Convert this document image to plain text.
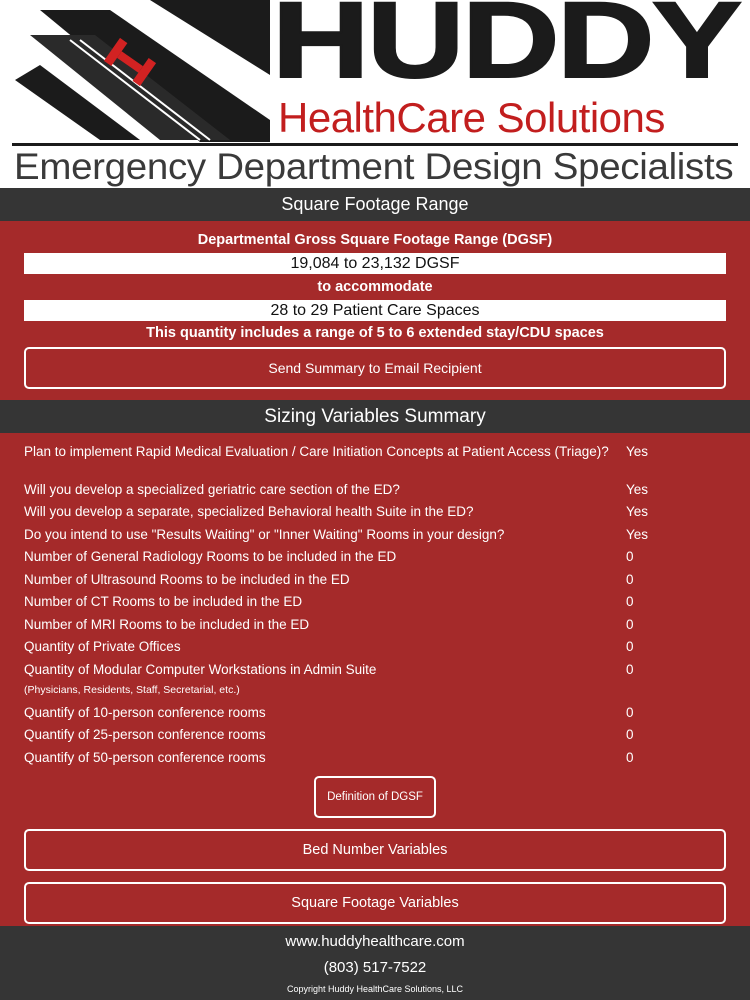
HUDDY
HealthCare Solutions
Emergency Department Design Specialists
Square Footage Range
Departmental Gross Square Footage Range (DGSF)
19,084 to 23,132 DGSF
to accommodate
28 to 29 Patient Care Spaces
This quantity includes a range of 5 to 6 extended stay/CDU spaces
Send Summary to Email Recipient
Sizing Variables Summary
Plan to implement Rapid Medical Evaluation / Care Initiation Concepts at Patient Access (Triage)?	Yes
Will you develop a specialized geriatric care section of the ED?	Yes
Will you develop a separate, specialized Behavioral health Suite in the ED?	Yes
Do you intend to use "Results Waiting" or "Inner Waiting" Rooms in your design?	Yes
Number of General Radiology Rooms to be included in the ED	0
Number of Ultrasound Rooms to be included in the ED	0
Number of CT Rooms to be included in the ED	0
Number of MRI Rooms to be included in the ED	0
Quantity of Private Offices	0
Quantity of Modular Computer Workstations in Admin Suite	0
(Physicians, Residents, Staff, Secretarial, etc.)
Quantify of 10-person conference rooms	0
Quantify of 25-person conference rooms	0
Quantify of 50-person conference rooms	0
Definition of DGSF
Bed Number Variables
Square Footage Variables
www.huddyhealthcare.com
(803) 517-7522
Copyright Huddy HealthCare Solutions, LLC
